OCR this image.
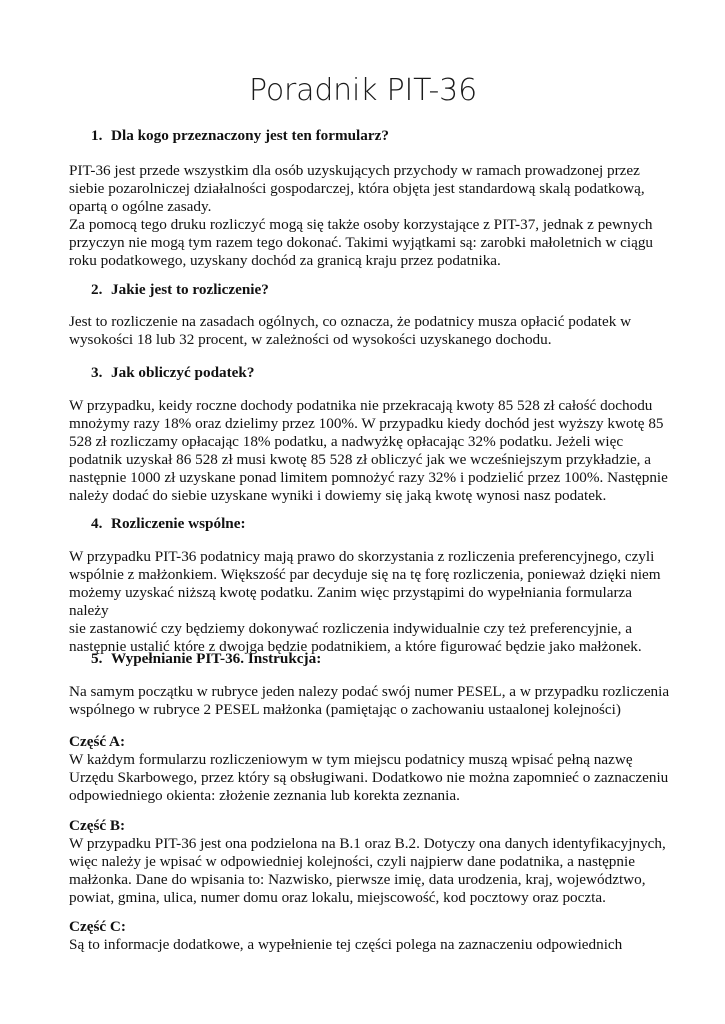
Poradnik PIT-36
1. Dla kogo przeznaczony jest ten formularz?

PIT-36 jest przede wszystkim dla osób uzyskujących przychody w ramach prowadzonej przez

siebie pozarolniczej działalności gospodarczej, która objęta jest standardową skalą podatkową,

opartą o ogólne zasady.

Za pomocą tego druku rozliczyć mogą się także osoby korzystające z PIT-37, jednak z pewnych

przyczyn nie mogą tym razem tego dokonać. Takimi wyjątkami są: zarobki małoletnich w ciągu

roku podatkowego, uzyskany dochód za granicą kraju przez podatnika.

2. Jakie jest to rozliczenie?

Jest to rozliczenie na zasadach ogólnych, co oznacza, że podatnicy musza opłacić podatek w

wysokości 18 lub 32 procent, w zależności od wysokości uzyskanego dochodu.

3. Jak obliczyć podatek?

W przypadku, keidy roczne dochody podatnika nie przekracają kwoty 85 528 zł całość dochodu

mnożymy razy 18% oraz dzielimy przez 100%. W przypadku kiedy dochód jest wyższy kwotę 85

528 zł rozliczamy opłacając 18% podatku, a nadwyżkę opłacając 32% podatku. Jeżeli więc

podatnik uzyskał 86 528 zł musi kwotę 85 528 zł obliczyć jak we wcześniejszym przykładzie, a

następnie 1000 zł uzyskane ponad limitem pomnożyć razy 32% i podzielić przez 100%. Następnie

należy dodać do siebie uzyskane wyniki i dowiemy się jaką kwotę wynosi nasz podatek.

4. Rozliczenie wspólne:

W przypadku PIT-36 podatnicy mają prawo do skorzystania z rozliczenia preferencyjnego, czyli

wspólnie z małżonkiem. Większość par decyduje się na tę forę rozliczenia, ponieważ dzięki niem

możemy uzyskać niższą kwotę podatku. Zanim więc przystąpimi do wypełniania formularza należy

sie zastanowić czy będziemy dokonywać rozliczenia indywidualnie czy też preferencyjnie, a

następnie ustalić które z dwojga będzie podatnikiem, a które figurować będzie jako małżonek.

5. Wypełnianie PIT-36. Instrukcja:

Na samym początku w rubryce jeden nalezy podać swój numer PESEL, a w przypadku rozliczenia

wspólnego w rubryce 2 PESEL małżonka (pamiętając o zachowaniu ustaalonej kolejności)

Część A:

W każdym formularzu rozliczeniowym w tym miejscu podatnicy muszą wpisać pełną nazwę

Urzędu Skarbowego, przez który są obsługiwani. Dodatkowo nie można zapomnieć o zaznaczeniu

odpowiedniego okienta: złożenie zeznania lub korekta zeznania.

Część B:

W przypadku PIT-36 jest ona podzielona na B.1 oraz B.2. Dotyczy ona danych identyfikacyjnych,

więc należy je wpisać w odpowiedniej kolejności, czyli najpierw dane podatnika, a następnie

małżonka. Dane do wpisania to: Nazwisko, pierwsze imię, data urodzenia, kraj, województwo,

powiat, gmina, ulica, numer domu oraz lokalu, miejscowość, kod pocztowy oraz poczta.

Część C:

Są to informacje dodatkowe, a wypełnienie tej części polega na zaznaczeniu odpowiednich
